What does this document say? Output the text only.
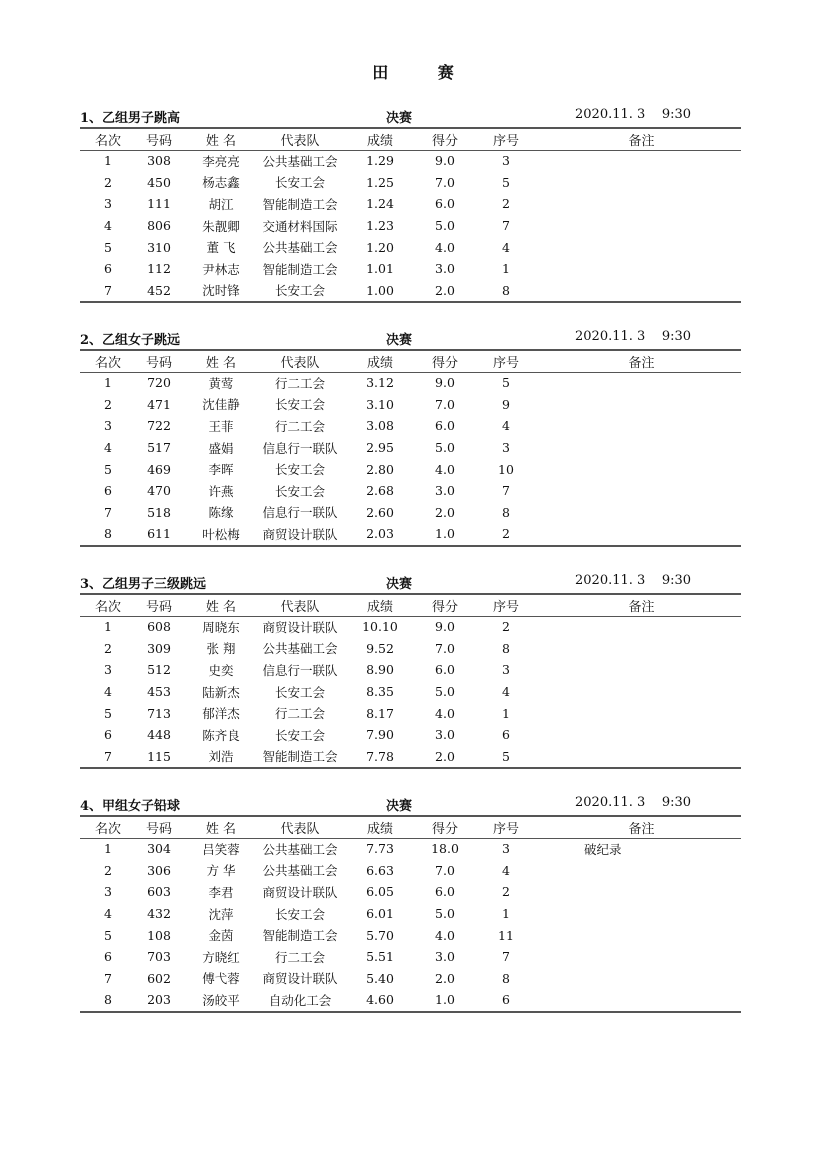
田 赛
1、乙组男子跳高	决赛	2020.11. 3    9:30
名次	号码	姓 名	代表队	成绩	得分	序号	备注
1	308	李亮亮	公共基础工会	1.29	9.0	3	
2	450	杨志鑫	长安工会	1.25	7.0	5	
3	111	胡江	智能制造工会	1.24	6.0	2	
4	806	朱靓卿	交通材料国际	1.23	5.0	7	
5	310	董 飞	公共基础工会	1.20	4.0	4	
6	112	尹林志	智能制造工会	1.01	3.0	1	
7	452	沈时锋	长安工会	1.00	2.0	8	
2、乙组女子跳远	决赛	2020.11. 3    9:30
名次	号码	姓 名	代表队	成绩	得分	序号	备注
1	720	黄莺	行二工会	3.12	9.0	5	
2	471	沈佳静	长安工会	3.10	7.0	9	
3	722	王菲	行二工会	3.08	6.0	4	
4	517	盛娟	信息行一联队	2.95	5.0	3	
5	469	李晖	长安工会	2.80	4.0	10	
6	470	许燕	长安工会	2.68	3.0	7	
7	518	陈缘	信息行一联队	2.60	2.0	8	
8	611	叶松梅	商贸设计联队	2.03	1.0	2	
3、乙组男子三级跳远	决赛	2020.11. 3    9:30
名次	号码	姓 名	代表队	成绩	得分	序号	备注
1	608	周晓东	商贸设计联队	10.10	9.0	2	
2	309	张 翔	公共基础工会	9.52	7.0	8	
3	512	史奕	信息行一联队	8.90	6.0	3	
4	453	陆新杰	长安工会	8.35	5.0	4	
5	713	郁洋杰	行二工会	8.17	4.0	1	
6	448	陈齐良	长安工会	7.90	3.0	6	
7	115	刘浩	智能制造工会	7.78	2.0	5	
4、甲组女子铅球	决赛	2020.11. 3    9:30
名次	号码	姓 名	代表队	成绩	得分	序号	备注
1	304	吕笑蓉	公共基础工会	7.73	18.0	3	破纪录
2	306	方 华	公共基础工会	6.63	7.0	4	
3	603	李君	商贸设计联队	6.05	6.0	2	
4	432	沈萍	长安工会	6.01	5.0	1	
5	108	金茵	智能制造工会	5.70	4.0	11	
6	703	方晓红	行二工会	5.51	3.0	7	
7	602	傅弋蓉	商贸设计联队	5.40	2.0	8	
8	203	汤皎平	自动化工会	4.60	1.0	6	
